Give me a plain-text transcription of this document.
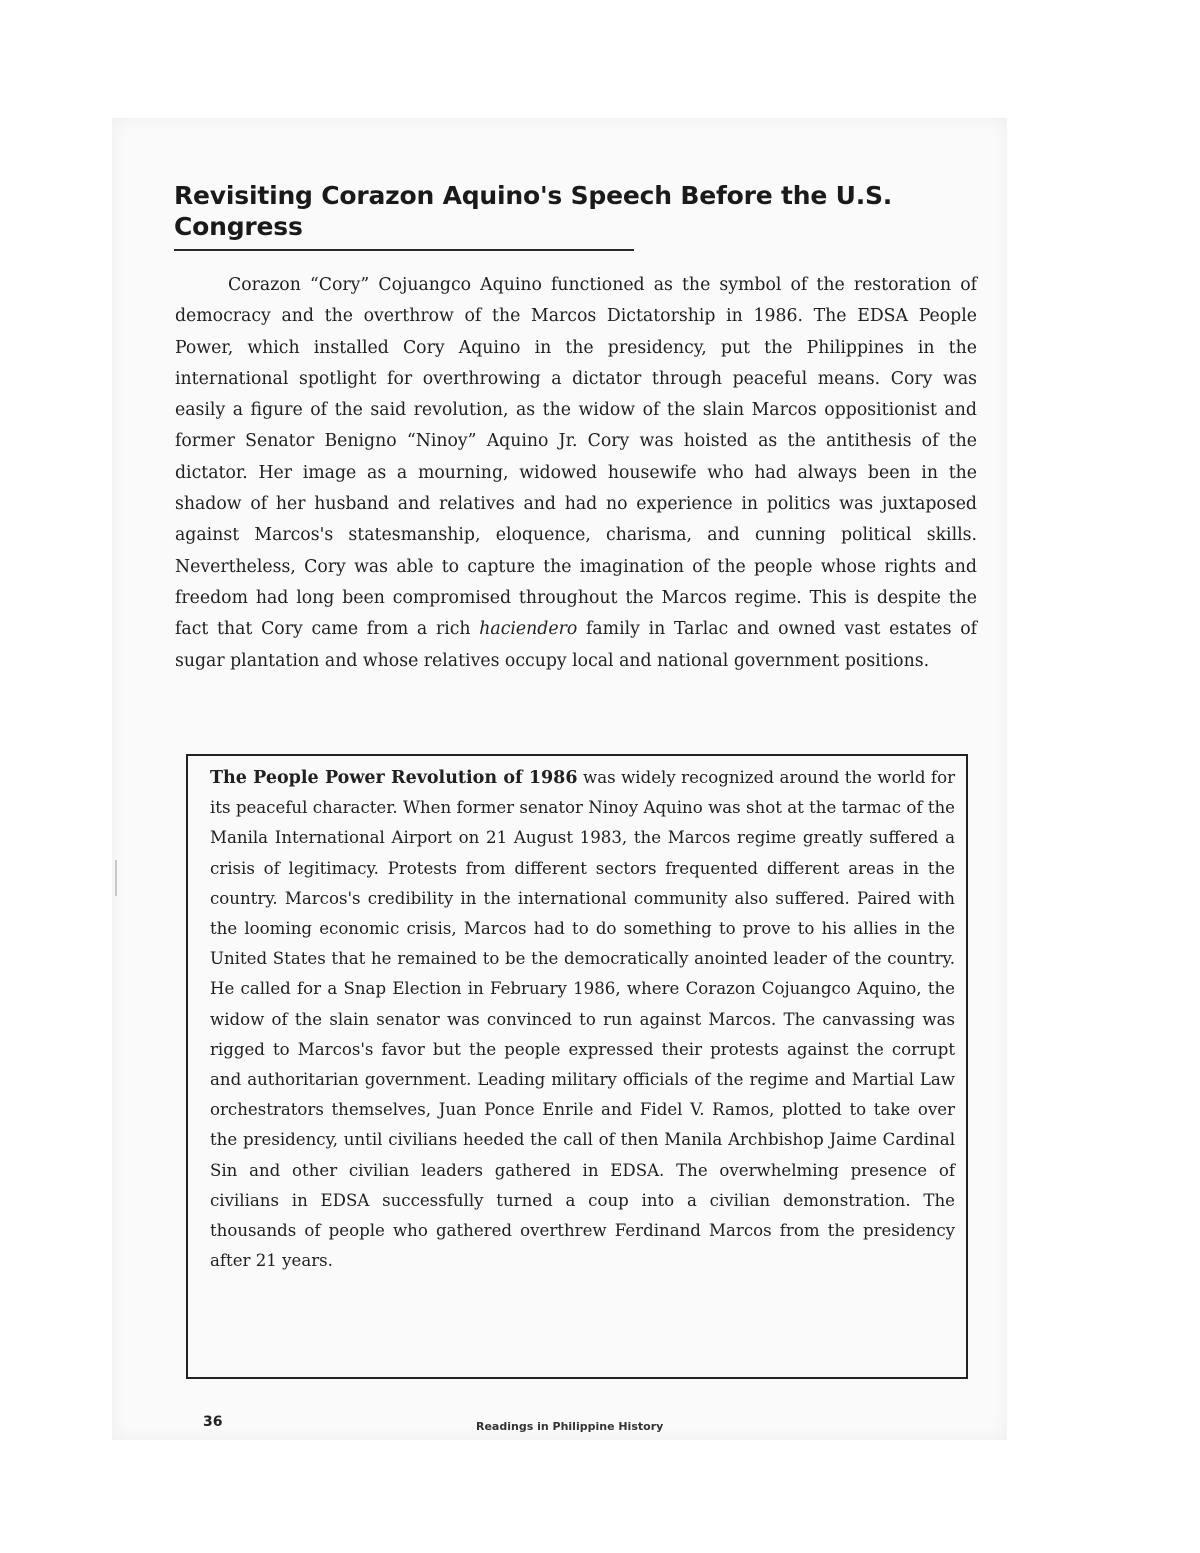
Revisiting Corazon Aquino's Speech Before the U.S. Congress

Corazon “Cory” Cojuangco Aquino functioned as the symbol of the restoration of democracy and the overthrow of the Marcos Dictatorship in 1986. The EDSA People Power, which installed Cory Aquino in the presidency, put the Philippines in the international spotlight for overthrowing a dictator through peaceful means. Cory was easily a figure of the said revolution, as the widow of the slain Marcos oppositionist and former Senator Benigno “Ninoy” Aquino Jr. Cory was hoisted as the antithesis of the dictator. Her image as a mourning, widowed housewife who had always been in the shadow of her husband and relatives and had no experience in politics was juxtaposed against Marcos's statesmanship, eloquence, charisma, and cunning political skills. Nevertheless, Cory was able to capture the imagination of the people whose rights and freedom had long been compromised throughout the Marcos regime. This is despite the fact that Cory came from a rich haciendero family in Tarlac and owned vast estates of sugar plantation and whose relatives occupy local and national government positions.

The People Power Revolution of 1986 was widely recognized around the world for its peaceful character. When former senator Ninoy Aquino was shot at the tarmac of the Manila International Airport on 21 August 1983, the Marcos regime greatly suffered a crisis of legitimacy. Protests from different sectors frequented different areas in the country. Marcos's credibility in the international community also suffered. Paired with the looming economic crisis, Marcos had to do something to prove to his allies in the United States that he remained to be the democratically anointed leader of the country. He called for a Snap Election in February 1986, where Corazon Cojuangco Aquino, the widow of the slain senator was convinced to run against Marcos. The canvassing was rigged to Marcos's favor but the people expressed their protests against the corrupt and authoritarian government. Leading military officials of the regime and Martial Law orchestrators themselves, Juan Ponce Enrile and Fidel V. Ramos, plotted to take over the presidency, until civilians heeded the call of then Manila Archbishop Jaime Cardinal Sin and other civilian leaders gathered in EDSA. The overwhelming presence of civilians in EDSA successfully turned a coup into a civilian demonstration. The thousands of people who gathered overthrew Ferdinand Marcos from the presidency after 21 years.

36	Readings in Philippine History
